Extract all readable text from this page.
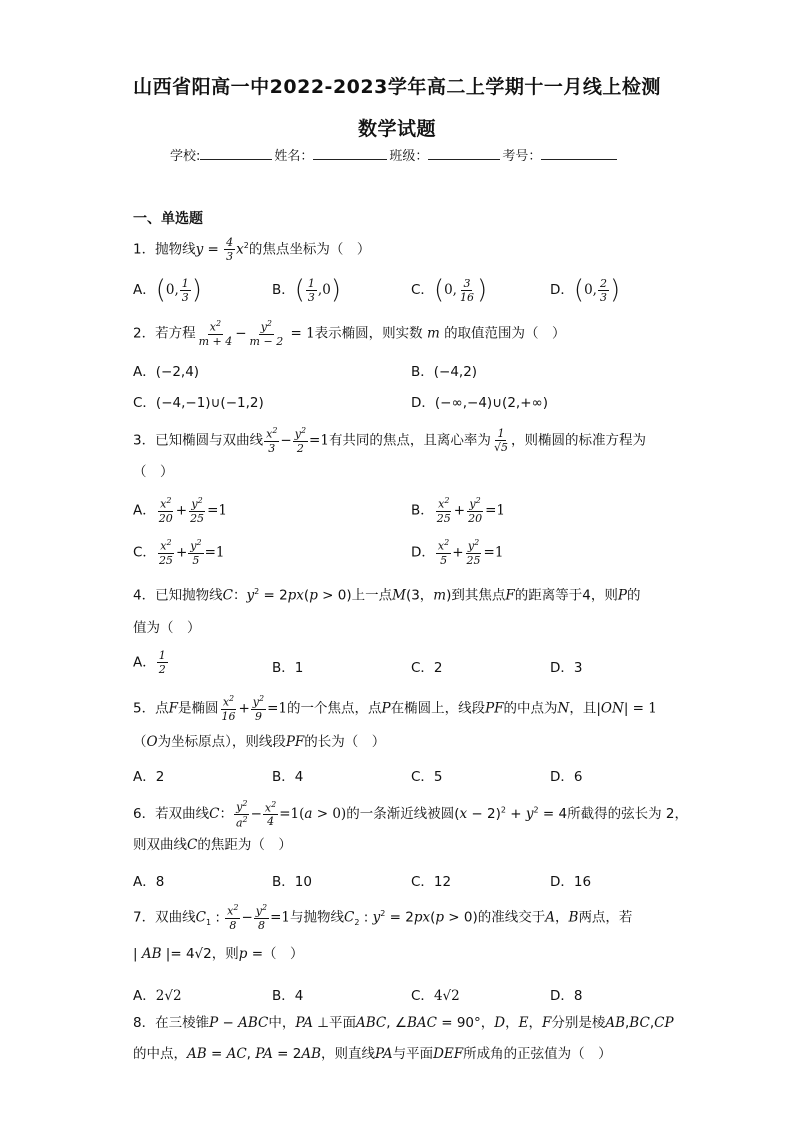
山西省阳高一中2022-2023学年高二上学期十一月线上检测
数学试题
学校:	姓名：	班级：	考号：
一、单选题
1．抛物线$y = \frac{4}{3} x^2$的焦点坐标为（　）
A．(0, $\frac{1}{3}$ )	B．( $\frac{1}{3} ,0$)	C．(0, $\frac{3}{16}$ )	D．(0, $\frac{2}{3}$ )
2．若方程 $\frac{x^2}{m + 4} - \frac{y^2}{m - 2} = 1$表示椭圆，则实数 m 的取值范围为（　）
A．(−2,4)	B．(−4,2)
C．(−4,−1)∪(−1,2)	D．(−∞,−4)∪(2,+∞)
3．已知椭圆与双曲线 $\frac{x^2}{3} - \frac{y^2}{2} =1$有共同的焦点，且离心率为 $\frac{1}{√5}$ ，则椭圆的标准方程为
（　）
A． $\frac{x^2}{20} + \frac{y^2}{25} =1$	B． $\frac{x^2}{25} + \frac{y^2}{20} =1$
C． $\frac{x^2}{25} + \frac{y^2}{5} =1$	D． $\frac{x^2}{5} + \frac{y^2}{25} =1$
4．已知抛物线C：$y^2 = 2px(p > 0)$上一点M(3，m)到其焦点F的距离等于4，则P的
值为（　）
A． $\frac{1}{2}$	B．1	C．2	D．3
5．点F是椭圆 $\frac{x^2}{16} + \frac{y^2}{9} =1$的一个焦点，点P在椭圆上，线段PF的中点为N，且|ON| = 1
（O为坐标原点），则线段PF的长为（　）
A．2	B．4	C．5	D．6
6．若双曲线C： $\frac{y^2}{a^2} - \frac{x^2}{4} =1(a > 0)$的一条渐近线被圆$(x - 2)^2 + y^2 = 4$所截得的弦长为 2，
则双曲线C的焦距为（　）
A．8	B．10	C．12	D．16
7．双曲线$C_1$ : $\frac{x^2}{8} - \frac{y^2}{8} =1$与抛物线$C_2$ : $y^2 = 2px(p > 0)$的准线交于A，B两点，若
| AB |= 4√2，则p =（　）
A．2√2	B．4	C．4√2	D．8
8．在三棱锥P − ABC中，PA ⊥平面ABC, ∠BAC = 90°，D，E，F分别是棱AB,BC,CP
的中点，AB = AC, PA = 2AB，则直线PA与平面DEF所成角的正弦值为（　）
